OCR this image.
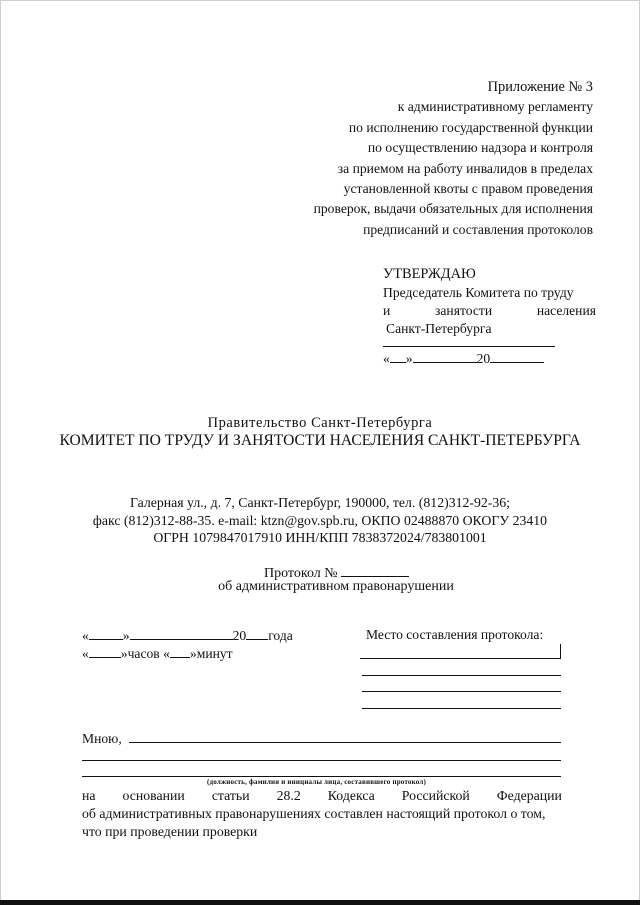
Приложение № 3
к административному регламенту
по исполнению государственной функции
по осуществлению надзора и контроля
за приемом на работу инвалидов в пределах
установленной квоты с правом проведения
проверок, выдачи обязательных для исполнения
предписаний и составления протоколов
УТВЕРЖДАЮ
Председатель Комитета по труду
и	занятости	населения
Санкт-Петербурга
« »	20
Правительство Санкт-Петербурга
КОМИТЕТ ПО ТРУДУ И ЗАНЯТОСТИ НАСЕЛЕНИЯ САНКТ-ПЕТЕРБУРГА
Галерная ул., д. 7, Санкт-Петербург, 190000, тел. (812)312-92-36;
факс (812)312-88-35. e-mail: ktzn@gov.spb.ru, ОКПО 02488870 ОКОГУ 23410
ОГРН 1079847017910 ИНН/КПП 7838372024/783801001
Протокол №
об административном правонарушении
«	»	20 года
« »часов « »минут
Место составления протокола:
Мною,
(должность, фамилия и инициалы лица, составившего протокол)
на основании статьи 28.2 Кодекса Российской Федерации
об административных правонарушениях составлен настоящий протокол о том,
что при проведении проверки
